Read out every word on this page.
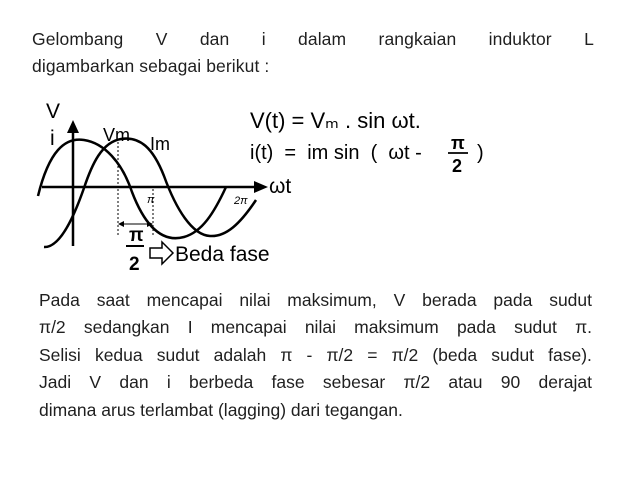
Gelombang V dan i dalam rangkaian induktor L
digambarkan sebagai berikut :
V
i	Vm Im
π	2π
ωt
π
2 Beda fase
V(t) = Vₘ . sin ωt.
i(t)  =  im sin  (  ωt - π
2
)
Pada saat mencapai nilai maksimum, V berada pada sudut
π/2 sedangkan I mencapai nilai maksimum pada sudut π.
Selisi kedua sudut adalah π - π/2 = π/2 (beda sudut fase).
Jadi V dan i berbeda fase sebesar π/2 atau 90 derajat
dimana arus terlambat (lagging) dari tegangan.
